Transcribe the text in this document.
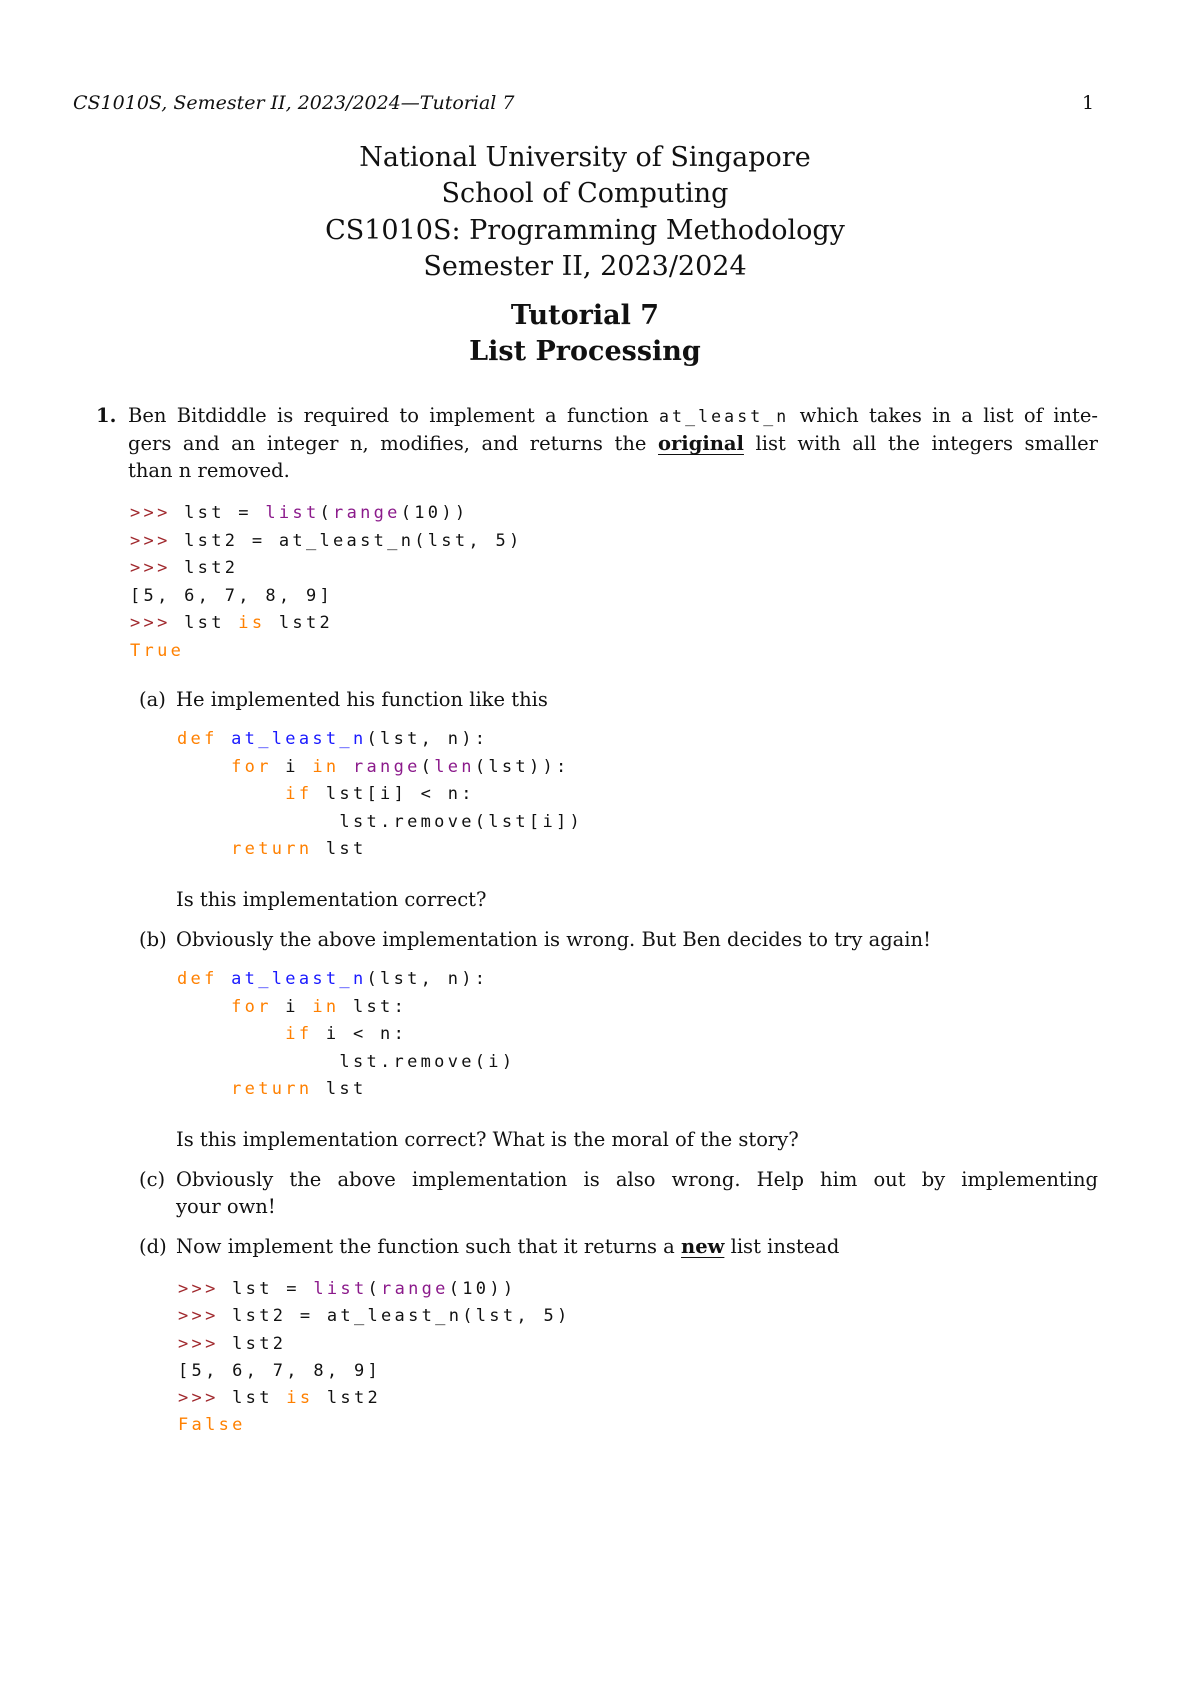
CS1010S, Semester II, 2023/2024—Tutorial 7	1
National University of Singapore
School of Computing
CS1010S: Programming Methodology
Semester II, 2023/2024
Tutorial 7
List Processing
1. Ben Bitdiddle is required to implement a function at_least_n which takes in a list of inte-
gers and an integer n, modifies, and returns the original list with all the integers smaller
than n removed.
>>> lst = list(range(10))
>>> lst2 = at_least_n(lst, 5)
>>> lst2
[5, 6, 7, 8, 9]
>>> lst is lst2
True
(a) He implemented his function like this
def at_least_n(lst, n):
for i in range(len(lst)):
if lst[i] < n:
lst.remove(lst[i])
return lst
Is this implementation correct?
(b) Obviously the above implementation is wrong. But Ben decides to try again!
def at_least_n(lst, n):
for i in lst:
if i < n:
lst.remove(i)
return lst
Is this implementation correct? What is the moral of the story?
(c) Obviously the above implementation is also wrong. Help him out by implementing
your own!
(d) Now implement the function such that it returns a new list instead
>>> lst = list(range(10))
>>> lst2 = at_least_n(lst, 5)
>>> lst2
[5, 6, 7, 8, 9]
>>> lst is lst2
False
